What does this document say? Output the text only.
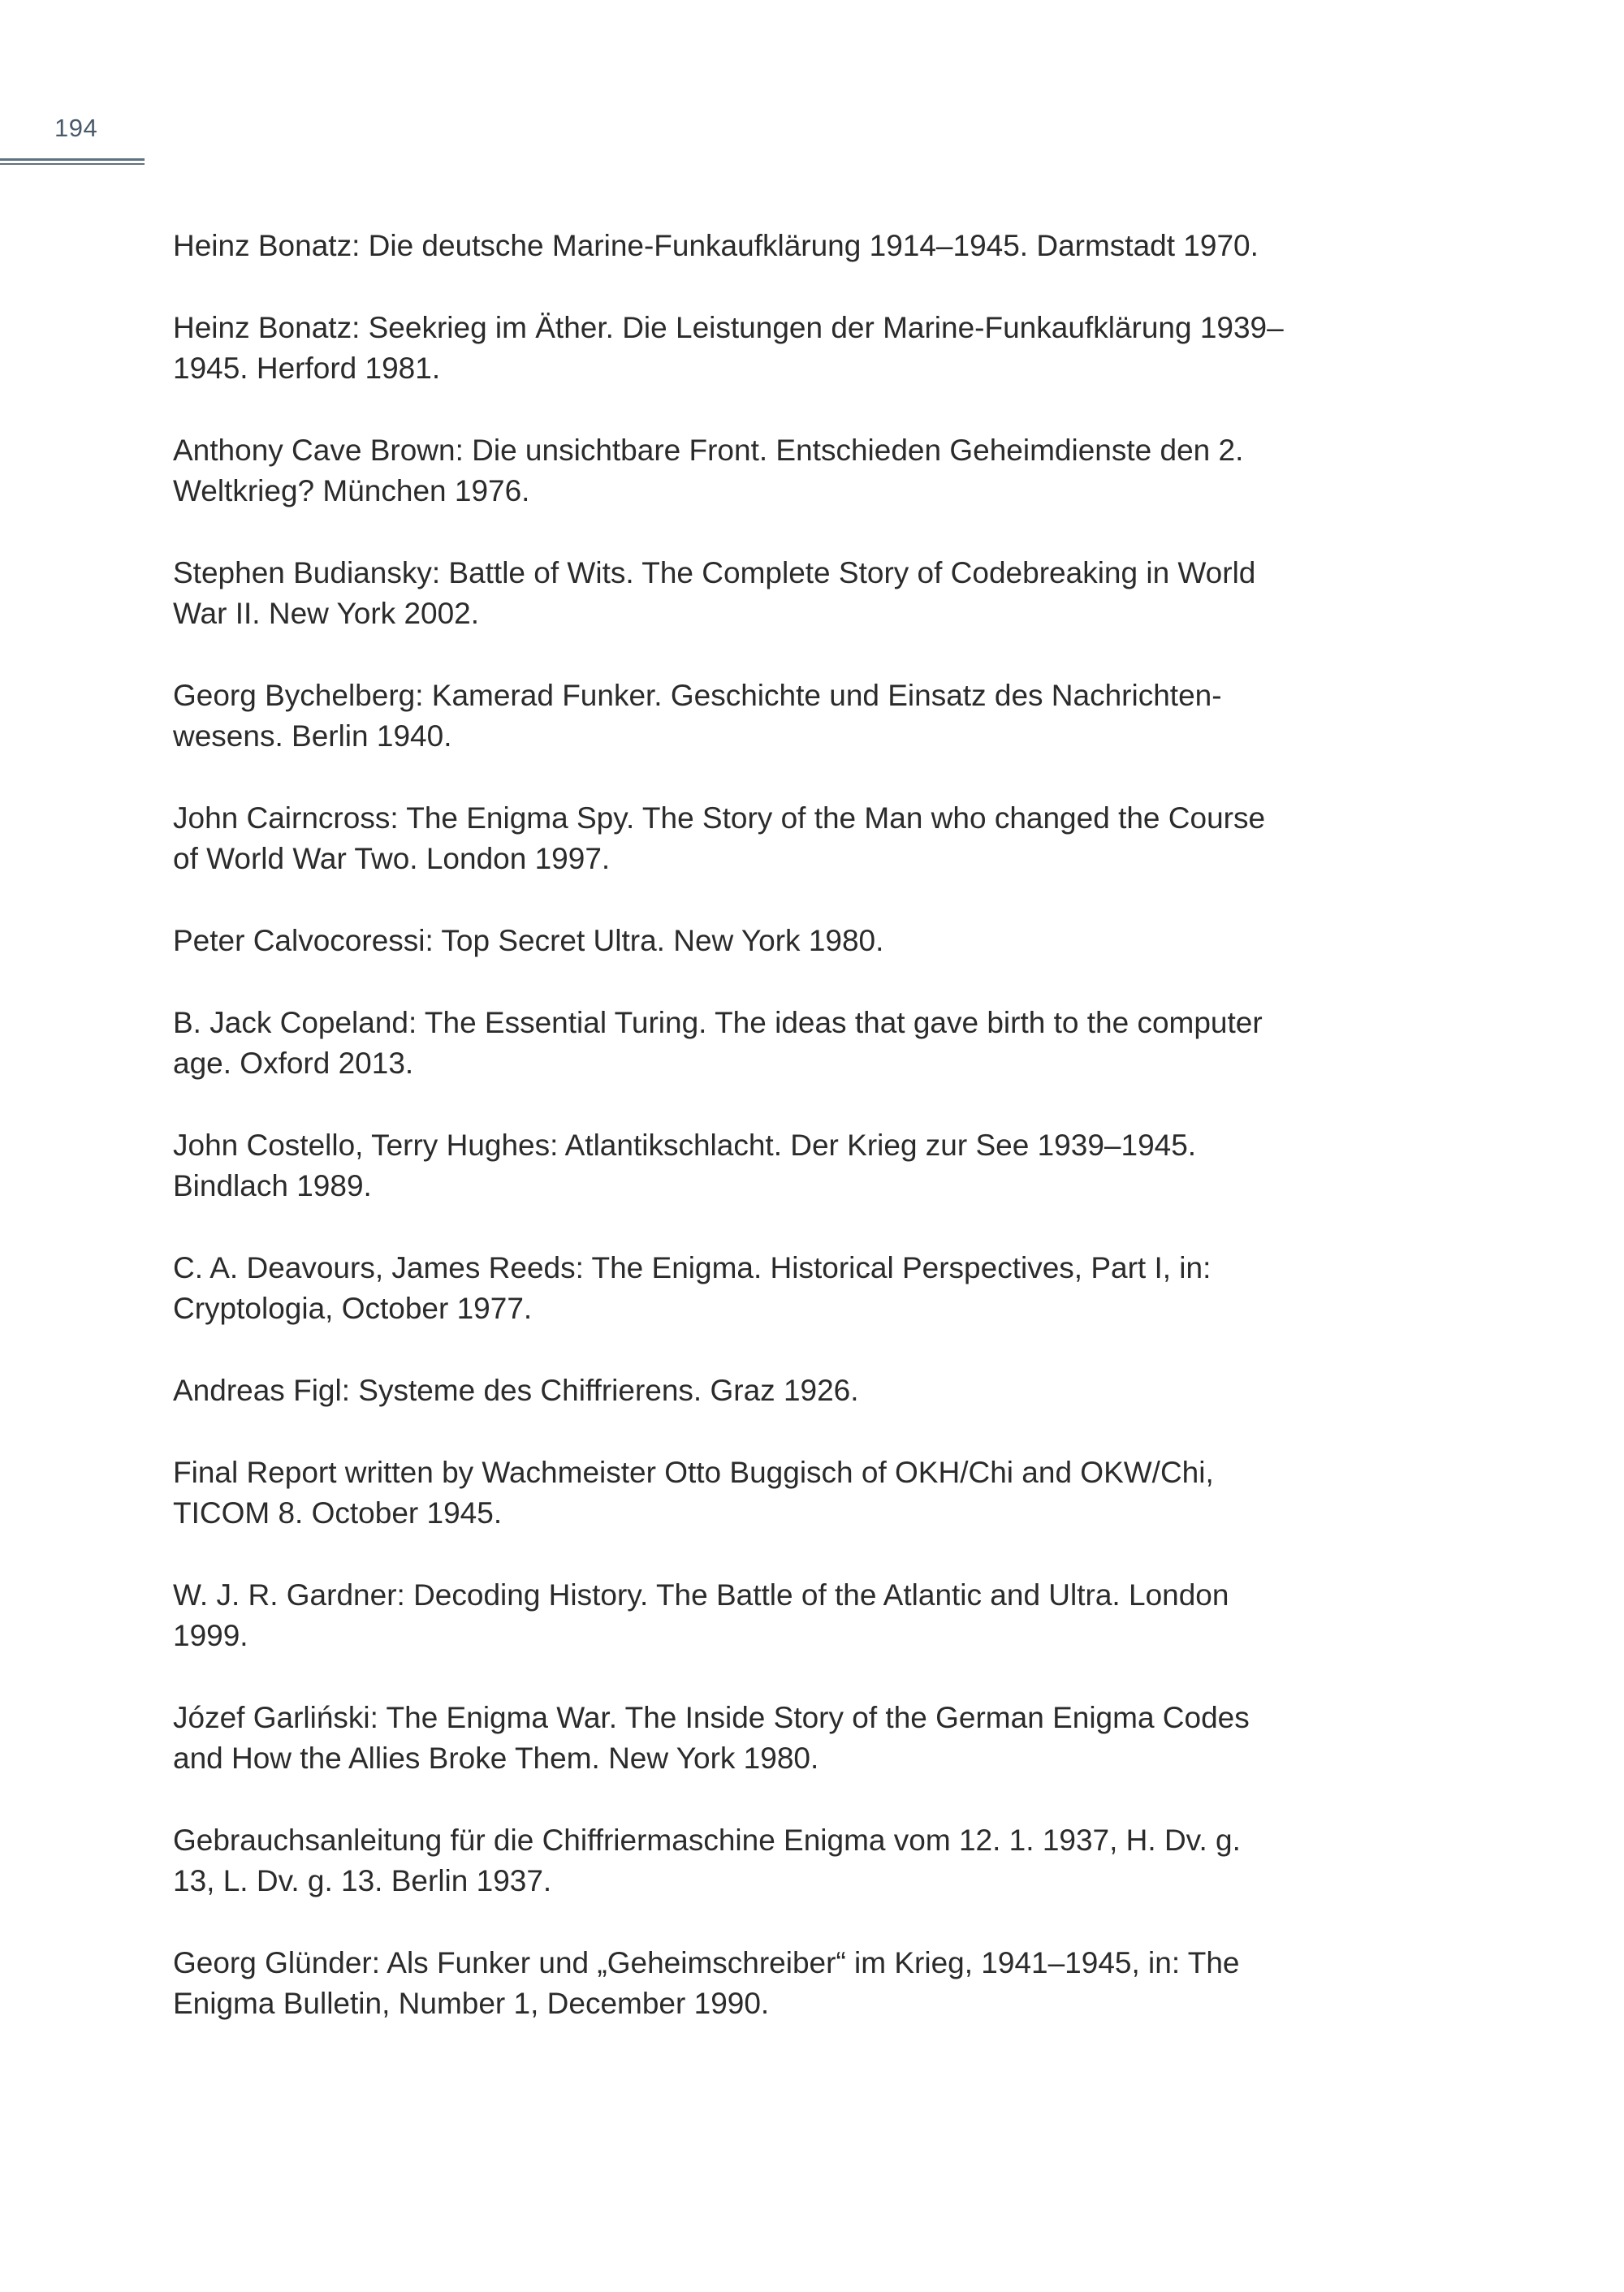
194
Heinz Bonatz: Die deutsche Marine-Funkaufklärung 1914–1945. Darmstadt 1970.
Heinz Bonatz: Seekrieg im Äther. Die Leistungen der Marine-Funkaufklärung 1939–1945. Herford 1981.
Anthony Cave Brown: Die unsichtbare Front. Entschieden Geheimdienste den 2. Weltkrieg? München 1976.
Stephen Budiansky: Battle of Wits. The Complete Story of Codebreaking in World War II. New York 2002.
Georg Bychelberg: Kamerad Funker. Geschichte und Einsatz des Nachrichten-wesens. Berlin 1940.
John Cairncross: The Enigma Spy. The Story of the Man who changed the Course of World War Two. London 1997.
Peter Calvocoressi: Top Secret Ultra. New York 1980.
B. Jack Copeland: The Essential Turing. The ideas that gave birth to the computer age. Oxford 2013.
John Costello, Terry Hughes: Atlantikschlacht. Der Krieg zur See 1939–1945. Bindlach 1989.
C. A. Deavours, James Reeds: The Enigma. Historical Perspectives, Part I, in: Cryptologia, October 1977.
Andreas Figl: Systeme des Chiffrierens. Graz 1926.
Final Report written by Wachmeister Otto Buggisch of OKH/Chi and OKW/Chi, TICOM 8. October 1945.
W. J. R. Gardner: Decoding History. The Battle of the Atlantic and Ultra. London 1999.
Józef Garliński: The Enigma War. The Inside Story of the German Enigma Codes and How the Allies Broke Them. New York 1980.
Gebrauchsanleitung für die Chiffriermaschine Enigma vom 12. 1. 1937, H. Dv. g. 13, L. Dv. g. 13. Berlin 1937.
Georg Glünder: Als Funker und „Geheimschreiber“ im Krieg, 1941–1945, in: The Enigma Bulletin, Number 1, December 1990.
